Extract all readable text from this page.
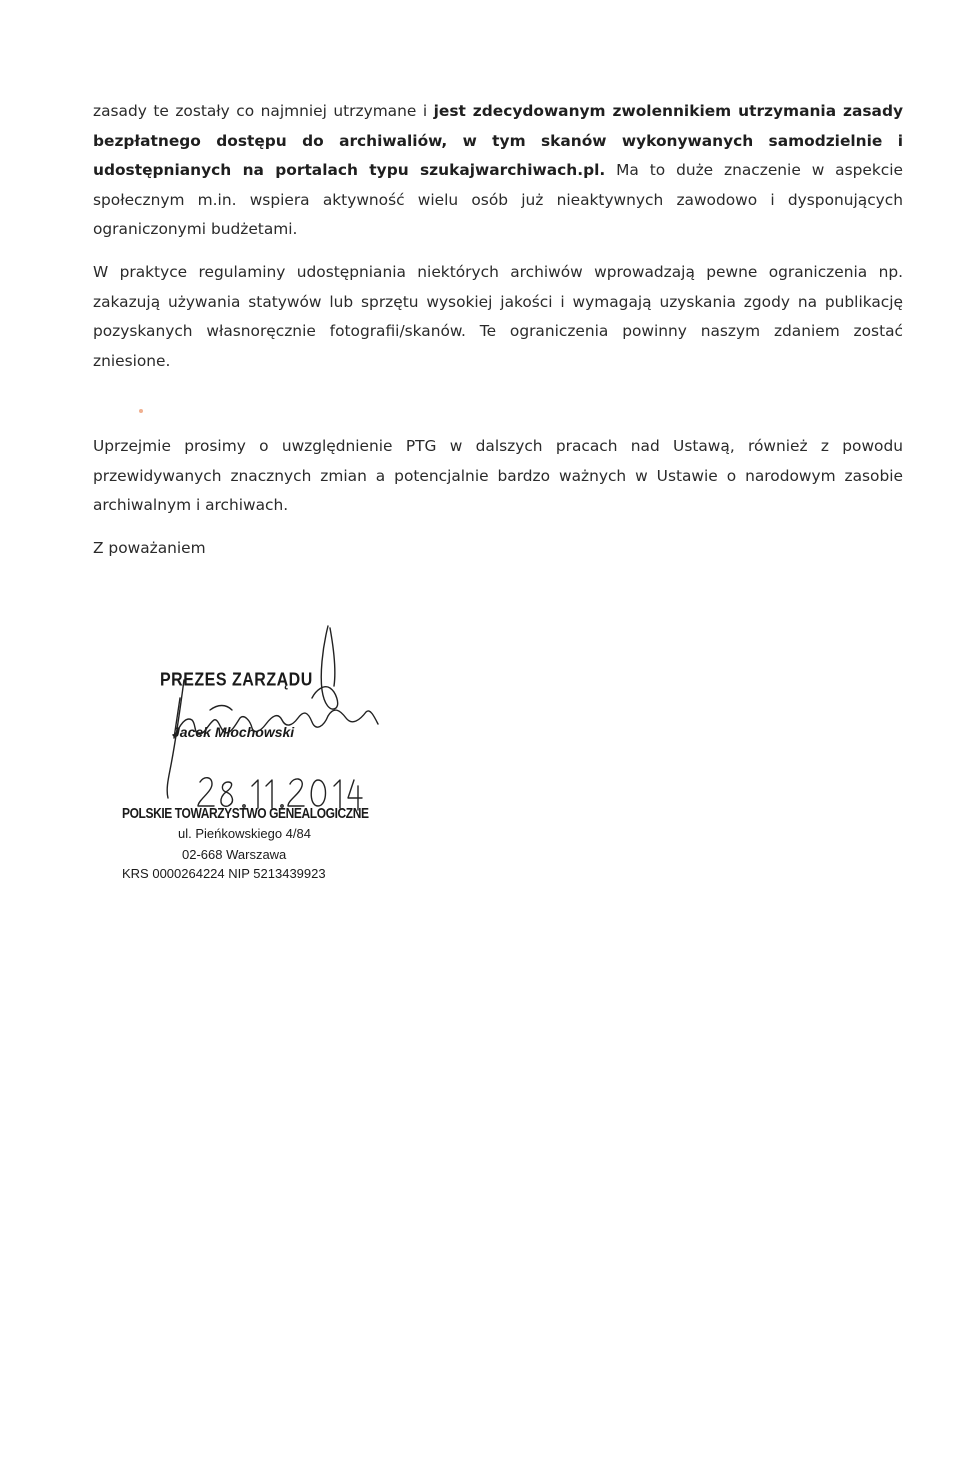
zasady te zostały co najmniej utrzymane i jest zdecydowanym zwolennikiem utrzymania zasady bezpłatnego dostępu do archiwaliów, w tym skanów wykonywanych samodzielnie i udostępnianych na portalach typu szukajwarchiwach.pl. Ma to duże znaczenie w aspekcie społecznym m.in. wspiera aktywność wielu osób już nieaktywnych zawodowo i dysponujących ograniczonymi budżetami.
W praktyce regulaminy udostępniania niektórych archiwów wprowadzają pewne ograniczenia np. zakazują używania statywów lub sprzętu wysokiej jakości i wymagają uzyskania zgody na publikację pozyskanych własnoręcznie fotografii/skanów. Te ograniczenia powinny naszym zdaniem zostać zniesione.
Uprzejmie prosimy o uwzględnienie PTG w dalszych pracach nad Ustawą, również z powodu przewidywanych znacznych zmian a potencjalnie bardzo ważnych w Ustawie o narodowym zasobie archiwalnym i archiwach.
Z poważaniem
PREZES ZARZĄDU
Jacek Młochowski
POLSKIE TOWARZYSTWO GENEALOGICZNE
ul. Pieńkowskiego 4/84
02-668 Warszawa
KRS 0000264224 NIP 5213439923
